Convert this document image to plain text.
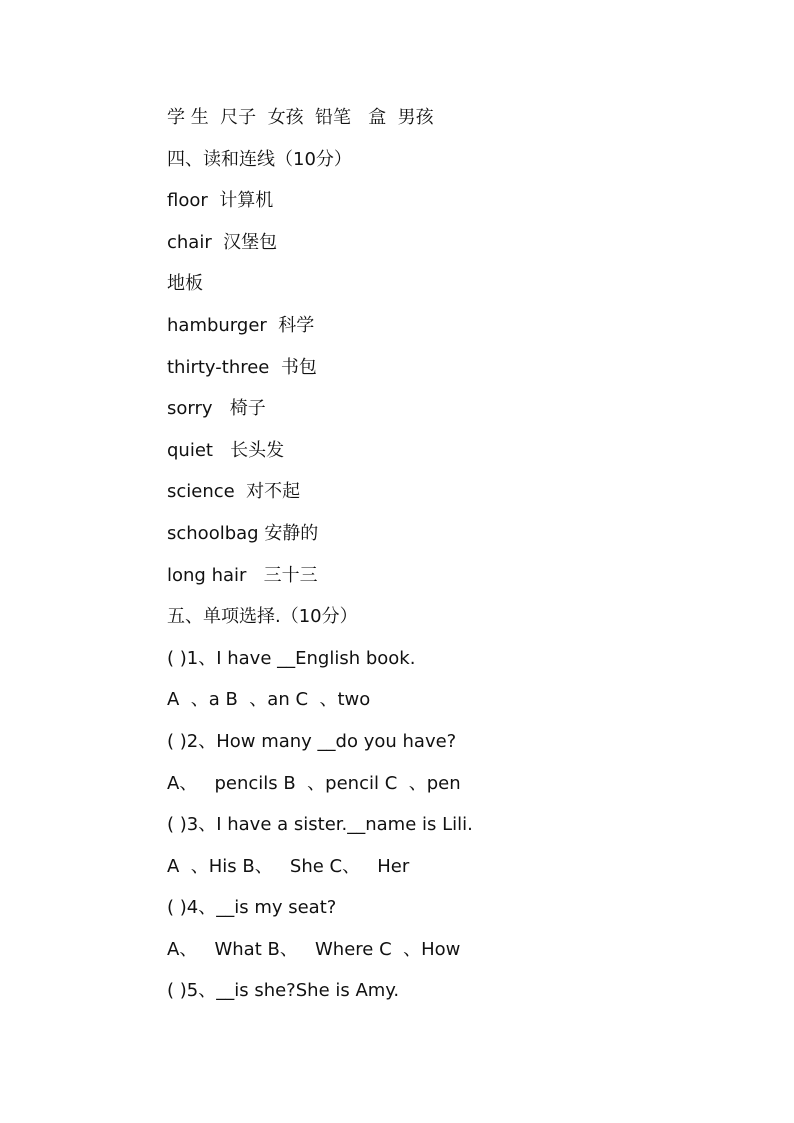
学 生  尺子  女孩  铅笔   盒  男孩
四、读和连线（10分）
floor  计算机
chair  汉堡包
地板
hamburger  科学
thirty-three  书包
sorry   椅子
quiet   长头发
science  对不起
schoolbag 安静的
long hair   三十三
五、单项选择.（10分）
( )1、I have __English book.
A  、a B  、an C  、two
( )2、How many __do you have?
A、   pencils B  、pencil C  、pen
( )3、I have a sister.__name is Lili.
A  、His B、   She C、   Her
( )4、__is my seat?
A、   What B、   Where C  、How
( )5、__is she?She is Amy.
